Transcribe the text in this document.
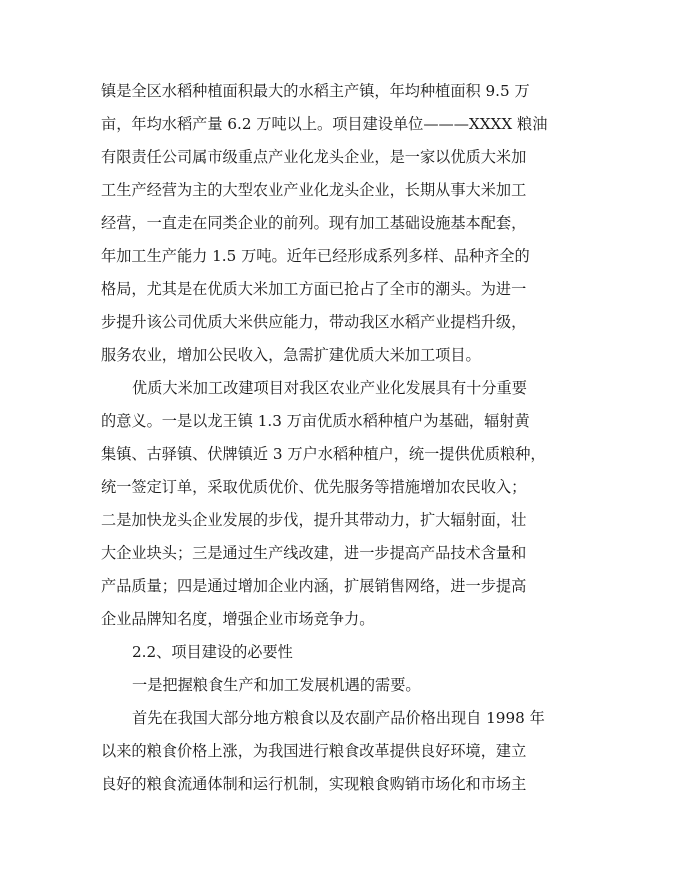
镇是全区水稻种植面积最大的水稻主产镇，年均种植面积 9.5 万
亩，年均水稻产量 6.2 万吨以上。项目建设单位———XXXX 粮油
有限责任公司属市级重点产业化龙头企业，是一家以优质大米加
工生产经营为主的大型农业产业化龙头企业，长期从事大米加工
经营，一直走在同类企业的前列。现有加工基础设施基本配套，
年加工生产能力 1.5 万吨。近年已经形成系列多样、品种齐全的
格局，尤其是在优质大米加工方面已抢占了全市的潮头。为进一
步提升该公司优质大米供应能力，带动我区水稻产业提档升级，
服务农业，增加公民收入，急需扩建优质大米加工项目。
优质大米加工改建项目对我区农业产业化发展具有十分重要
的意义。一是以龙王镇 1.3 万亩优质水稻种植户为基础，辐射黄
集镇、古驿镇、伏牌镇近 3 万户水稻种植户，统一提供优质粮种，
统一签定订单，采取优质优价、优先服务等措施增加农民收入；
二是加快龙头企业发展的步伐，提升其带动力，扩大辐射面，壮
大企业块头；三是通过生产线改建，进一步提高产品技术含量和
产品质量；四是通过增加企业内涵，扩展销售网络，进一步提高
企业品牌知名度，增强企业市场竞争力。
2.2、项目建设的必要性
一是把握粮食生产和加工发展机遇的需要。
首先在我国大部分地方粮食以及农副产品价格出现自 1998 年
以来的粮食价格上涨，为我国进行粮食改革提供良好环境，建立
良好的粮食流通体制和运行机制，实现粮食购销市场化和市场主
